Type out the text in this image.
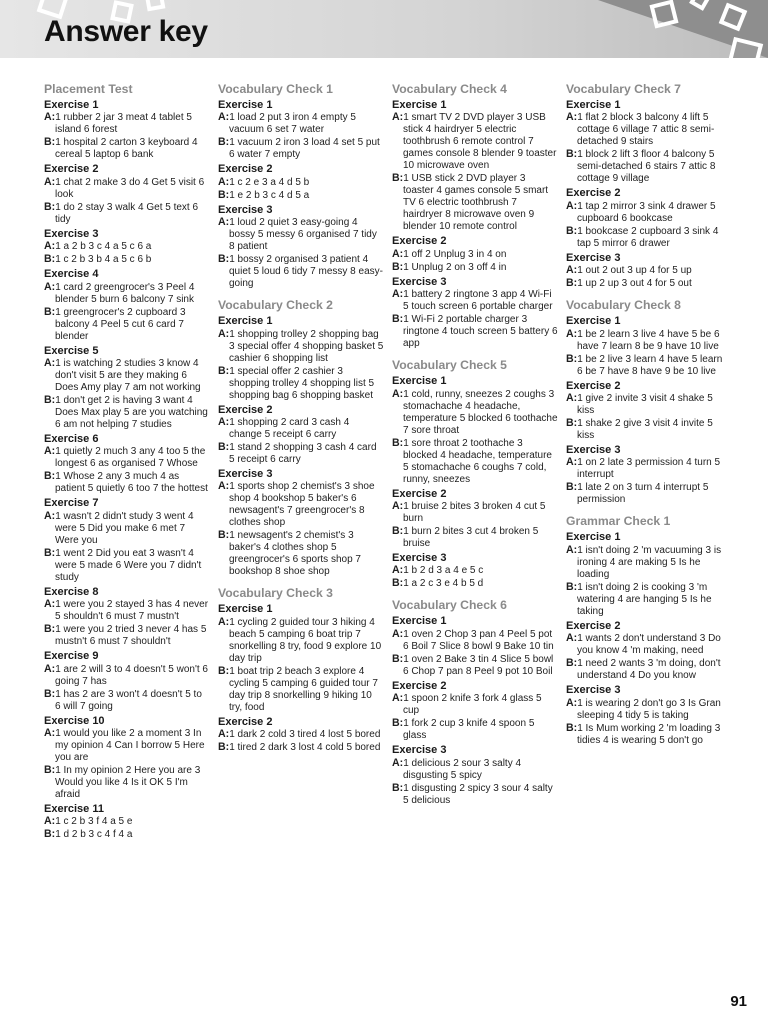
Answer key
Placement Test
Exercise 1
A:1 rubber 2 jar 3 meat 4 tablet 5 island 6 forest
B:1 hospital 2 carton 3 keyboard 4 cereal 5 laptop 6 bank
Exercise 2
A:1 chat 2 make 3 do 4 Get 5 visit 6 look
B:1 do 2 stay 3 walk 4 Get 5 text 6 tidy
Exercise 3
A:1 a 2 b 3 c 4 a 5 c 6 a
B:1 c 2 b 3 b 4 a 5 c 6 b
Exercise 4
A:1 card 2 greengrocer's 3 Peel 4 blender 5 burn 6 balcony 7 sink
B:1 greengrocer's 2 cupboard 3 balcony 4 Peel 5 cut 6 card 7 blender
Exercise 5
A:1 is watching 2 studies 3 know 4 don't visit 5 are they making 6 Does Amy play 7 am not working
B:1 don't get 2 is having 3 want 4 Does Max play 5 are you watching 6 am not helping 7 studies
Exercise 6
A:1 quietly 2 much 3 any 4 too 5 the longest 6 as organised 7 Whose
B:1 Whose 2 any 3 much 4 as patient 5 quietly 6 too 7 the hottest
Exercise 7
A:1 wasn't 2 didn't study 3 went 4 were 5 Did you make 6 met 7 Were you
B:1 went 2 Did you eat 3 wasn't 4 were 5 made 6 Were you 7 didn't study
Exercise 8
A:1 were you 2 stayed 3 has 4 never 5 shouldn't 6 must 7 mustn't
B:1 were you 2 tried 3 never 4 has 5 mustn't 6 must 7 shouldn't
Exercise 9
A:1 are 2 will 3 to 4 doesn't 5 won't 6 going 7 has
B:1 has 2 are 3 won't 4 doesn't 5 to 6 will 7 going
Exercise 10
A:1 would you like 2 a moment 3 In my opinion 4 Can I borrow 5 Here you are
B:1 In my opinion 2 Here you are 3 Would you like 4 Is it OK 5 I'm afraid
Exercise 11
A:1 c 2 b 3 f 4 a 5 e
B:1 d 2 b 3 c 4 f 4 a
Vocabulary Check 1
Exercise 1
A:1 load 2 put 3 iron 4 empty 5 vacuum 6 set 7 water
B:1 vacuum 2 iron 3 load 4 set 5 put 6 water 7 empty
Exercise 2
A:1 c 2 e 3 a 4 d 5 b
B:1 e 2 b 3 c 4 d 5 a
Exercise 3
A:1 loud 2 quiet 3 easy-going 4 bossy 5 messy 6 organised 7 tidy 8 patient
B:1 bossy 2 organised 3 patient 4 quiet 5 loud 6 tidy 7 messy 8 easy-going
Vocabulary Check 2
Exercise 1
A:1 shopping trolley 2 shopping bag 3 special offer 4 shopping basket 5 cashier 6 shopping list
B:1 special offer 2 cashier 3 shopping trolley 4 shopping list 5 shopping bag 6 shopping basket
Exercise 2
A:1 shopping 2 card 3 cash 4 change 5 receipt 6 carry
B:1 stand 2 shopping 3 cash 4 card 5 receipt 6 carry
Exercise 3
A:1 sports shop 2 chemist's 3 shoe shop 4 bookshop 5 baker's 6 newsagent's 7 greengrocer's 8 clothes shop
B:1 newsagent's 2 chemist's 3 baker's 4 clothes shop 5 greengrocer's 6 sports shop 7 bookshop 8 shoe shop
Vocabulary Check 3
Exercise 1
A:1 cycling 2 guided tour 3 hiking 4 beach 5 camping 6 boat trip 7 snorkelling 8 try, food 9 explore 10 day trip
B:1 boat trip 2 beach 3 explore 4 cycling 5 camping 6 guided tour 7 day trip 8 snorkelling 9 hiking 10 try, food
Exercise 2
A:1 dark 2 cold 3 tired 4 lost 5 bored
B:1 tired 2 dark 3 lost 4 cold 5 bored
Vocabulary Check 4
Exercise 1
A:1 smart TV 2 DVD player 3 USB stick 4 hairdryer 5 electric toothbrush 6 remote control 7 games console 8 blender 9 toaster 10 microwave oven
B:1 USB stick 2 DVD player 3 toaster 4 games console 5 smart TV 6 electric toothbrush 7 hairdryer 8 microwave oven 9 blender 10 remote control
Exercise 2
A:1 off 2 Unplug 3 in 4 on
B:1 Unplug 2 on 3 off 4 in
Exercise 3
A:1 battery 2 ringtone 3 app 4 Wi-Fi 5 touch screen 6 portable charger
B:1 Wi-Fi 2 portable charger 3 ringtone 4 touch screen 5 battery 6 app
Vocabulary Check 5
Exercise 1
A:1 cold, runny, sneezes 2 coughs 3 stomachache 4 headache, temperature 5 blocked 6 toothache 7 sore throat
B:1 sore throat 2 toothache 3 blocked 4 headache, temperature 5 stomachache 6 coughs 7 cold, runny, sneezes
Exercise 2
A:1 bruise 2 bites 3 broken 4 cut 5 burn
B:1 burn 2 bites 3 cut 4 broken 5 bruise
Exercise 3
A:1 b 2 d 3 a 4 e 5 c
B:1 a 2 c 3 e 4 b 5 d
Vocabulary Check 6
Exercise 1
A:1 oven 2 Chop 3 pan 4 Peel 5 pot 6 Boil 7 Slice 8 bowl 9 Bake 10 tin
B:1 oven 2 Bake 3 tin 4 Slice 5 bowl 6 Chop 7 pan 8 Peel 9 pot 10 Boil
Exercise 2
A:1 spoon 2 knife 3 fork 4 glass 5 cup
B:1 fork 2 cup 3 knife 4 spoon 5 glass
Exercise 3
A:1 delicious 2 sour 3 salty 4 disgusting 5 spicy
B:1 disgusting 2 spicy 3 sour 4 salty 5 delicious
Vocabulary Check 7
Exercise 1
A:1 flat 2 block 3 balcony 4 lift 5 cottage 6 village 7 attic 8 semi-detached 9 stairs
B:1 block 2 lift 3 floor 4 balcony 5 semi-detached 6 stairs 7 attic 8 cottage 9 village
Exercise 2
A:1 tap 2 mirror 3 sink 4 drawer 5 cupboard 6 bookcase
B:1 bookcase 2 cupboard 3 sink 4 tap 5 mirror 6 drawer
Exercise 3
A:1 out 2 out 3 up 4 for 5 up
B:1 up 2 up 3 out 4 for 5 out
Vocabulary Check 8
Exercise 1
A:1 be 2 learn 3 live 4 have 5 be 6 have 7 learn 8 be 9 have 10 live
B:1 be 2 live 3 learn 4 have 5 learn 6 be 7 have 8 have 9 be 10 live
Exercise 2
A:1 give 2 invite 3 visit 4 shake 5 kiss
B:1 shake 2 give 3 visit 4 invite 5 kiss
Exercise 3
A:1 on 2 late 3 permission 4 turn 5 interrupt
B:1 late 2 on 3 turn 4 interrupt 5 permission
Grammar Check 1
Exercise 1
A:1 isn't doing 2 'm vacuuming 3 is ironing 4 are making 5 Is he loading
B:1 isn't doing 2 is cooking 3 'm watering 4 are hanging 5 Is he taking
Exercise 2
A:1 wants 2 don't understand 3 Do you know 4 'm making, need
B:1 need 2 wants 3 'm doing, don't understand 4 Do you know
Exercise 3
A:1 is wearing 2 don't go 3 Is Gran sleeping 4 tidy 5 is taking
B:1 Is Mum working 2 'm loading 3 tidies 4 is wearing 5 don't go
91
